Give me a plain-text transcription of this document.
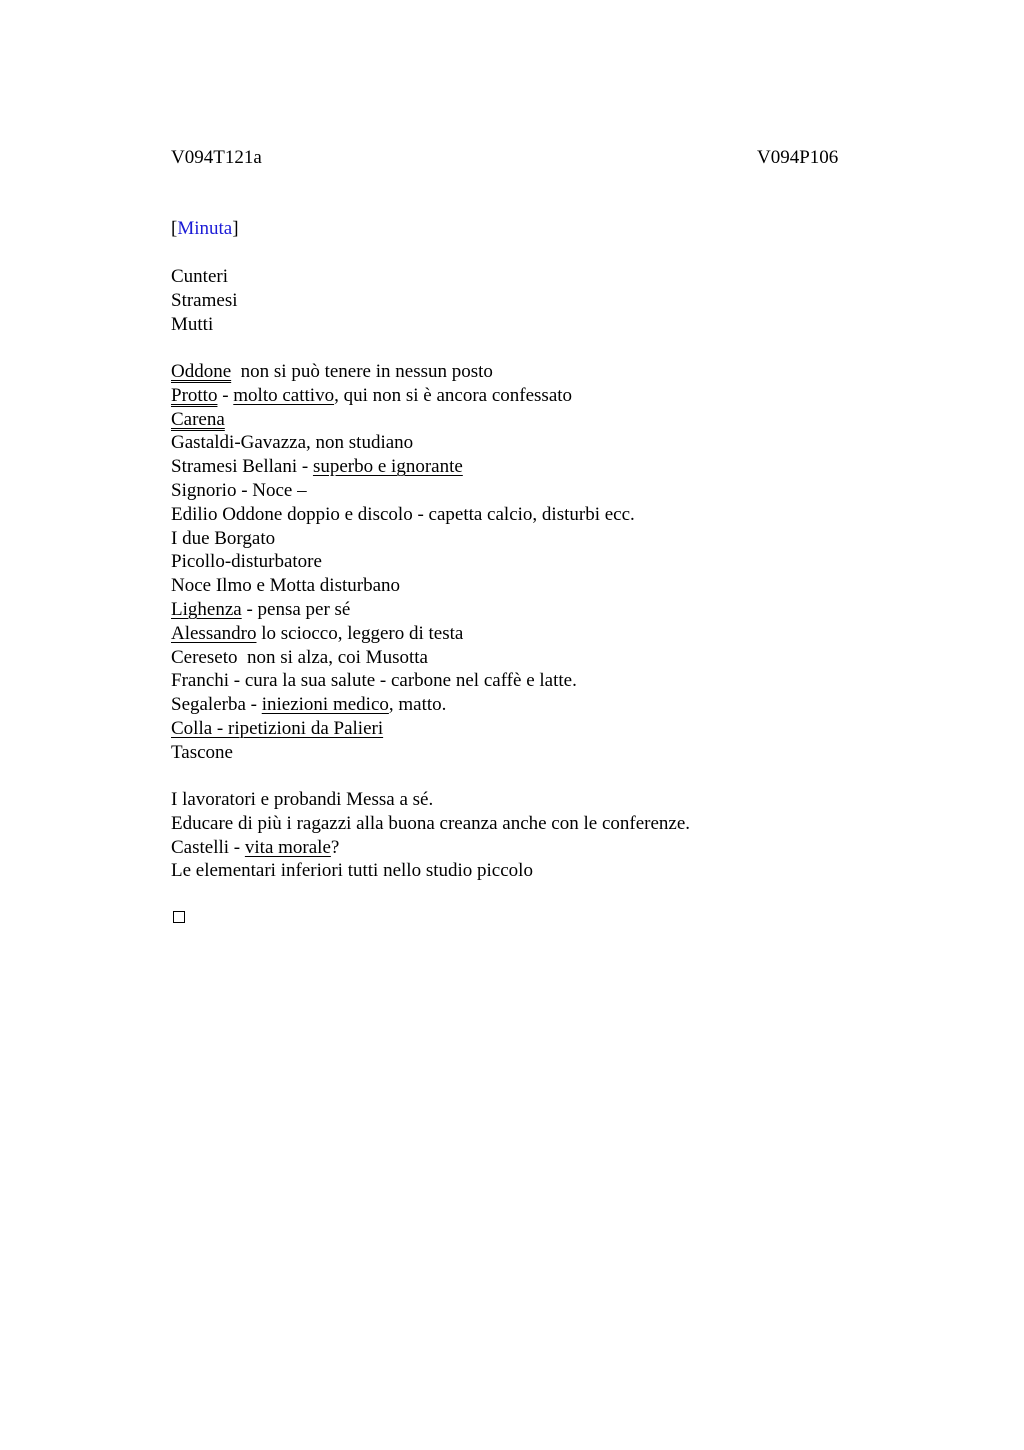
V094T121a	V094P106
[Minuta]
Cunteri
Stramesi
Mutti
Oddone  non si può tenere in nessun posto
Protto - molto cattivo, qui non si è ancora confessato
Carena
Gastaldi-Gavazza, non studiano
Stramesi Bellani - superbo e ignorante
Signorio - Noce –
Edilio Oddone doppio e discolo - capetta calcio, disturbi ecc.
I due Borgato
Picollo-disturbatore
Noce Ilmo e Motta disturbano
Lighenza - pensa per sé
Alessandro lo sciocco, leggero di testa
Cereseto  non si alza, coi Musotta
Franchi - cura la sua salute - carbone nel caffè e latte.
Segalerba - iniezioni medico, matto.
Colla - ripetizioni da Palieri
Tascone
I lavoratori e probandi Messa a sé.
Educare di più i ragazzi alla buona creanza anche con le conferenze.
Castelli - vita morale?
Le elementari inferiori tutti nello studio piccolo
